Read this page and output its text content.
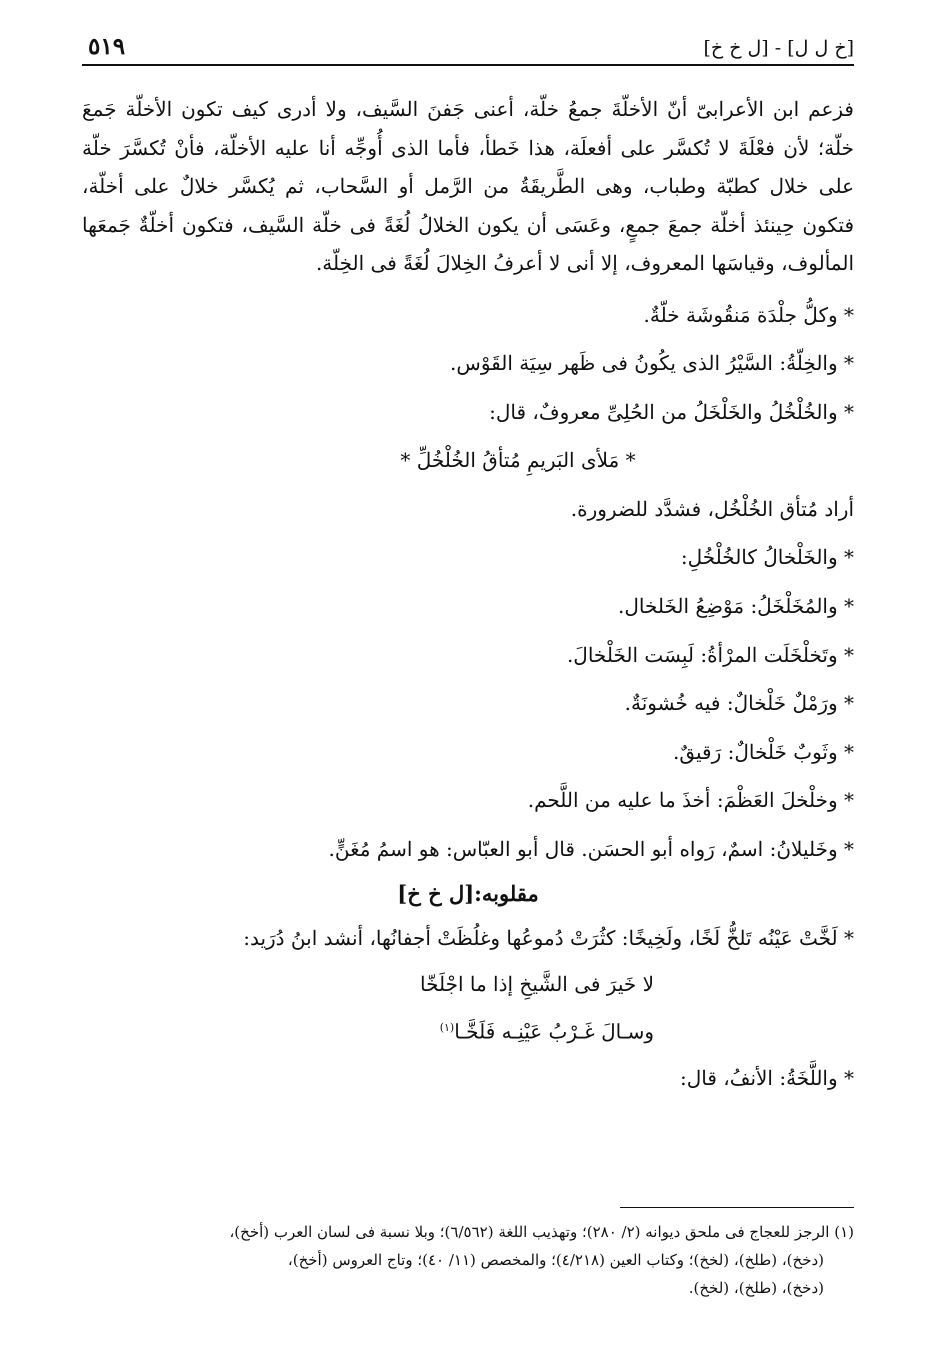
[خ ل ل] - [ل خ خ]
٥١٩

فزعم ابن الأعرابىّ أنّ الأخلّةَ جمعُ خلّة، أعنى جَفنَ السَّيف، ولا أدرى كيف تكون الأخلّة جَمعَ خلّة؛ لأن فعْلَةَ لا تُكسَّر على أفعلَة، هذا خَطأ، فأما الذى أُوجِّه أنا عليه الأخلّة، فأنْ تُكسَّرَ خلّة على خلال كطبّة وطباب، وهى الطَّريقَةُ من الرَّمل أو السَّحاب، ثم يُكسَّر خلالٌ على أخلّة، فتكون حِينئذ أخلّة جمعَ جمعٍ، وعَسَى أن يكون الخلالُ لُغَةً فى خلّة السَّيف، فتكون أخلّةٌ جَمعَها المألوف، وقياسَها المعروف، إلا أنى لا أعرفُ الخِلالَ لُغَةً فى الخِلّة.

* وكلُّ جلْدَة مَنقُوشَة خلّةٌ.

* والخِلّةُ: السَّيْرُ الذى يكُونُ فى ظَهر سِيَة القَوْس.

* والخُلْخُلُ والخَلْخَلُ من الحُلِىِّ معروفٌ، قال:

* مَلأى البَريمِ مُتأقُ الخُلْخُلِّ *

أراد مُتأق الخُلْخُل، فشدَّد للضرورة.

* والخَلْخالُ كالخُلْخُلِ:

* والمُخَلْخَلُ: مَوْضِعُ الخَلخال.

* وتَخلْخَلَت المرْأةُ: لَبِسَت الخَلْخالَ.

* ورَمْلٌ خَلْخالٌ: فيه خُشونَةٌ.

* وثَوبٌ خَلْخالٌ: رَقيقٌ.

* وخلْخلَ العَظْمَ: أخذَ ما عليه من اللَّحم.

* وخَليلانُ: اسمٌ، رَواه أبو الحسَن. قال أبو العبّاس: هو اسمُ مُغَنٍّ.

مقلوبه:[ل خ خ]

* لَخَّتْ عَيْنُه تَلخُّ لَخًا، ولَخِيخًا: كثُرَتْ دُموعُها وغلُظَتْ أجفانُها، أنشد ابنُ دُرَيد:

لا خَيرَ فى الشَّيخِ إذا ما اجْلَخّا

وسـالَ غَـرْبُ عَيْنِـه فَلَخَّـا$^{(١)}$

* واللَّخَةُ: الأنفُ، قال:

(١) الرجز للعجاج فى ملحق ديوانه (٢/ ٢٨٠)؛ وتهذيب اللغة (٦/٥٦٢)؛ وبلا نسبة فى لسان العرب (أخخ)،
(دخخ)، (طلخ)، (لخخ)؛ وكتاب العين (٤/٢١٨)؛ والمخصص (١١/ ٤٠)؛ وتاج العروس (أخخ)،
(دخخ)، (طلخ)، (لخخ).
